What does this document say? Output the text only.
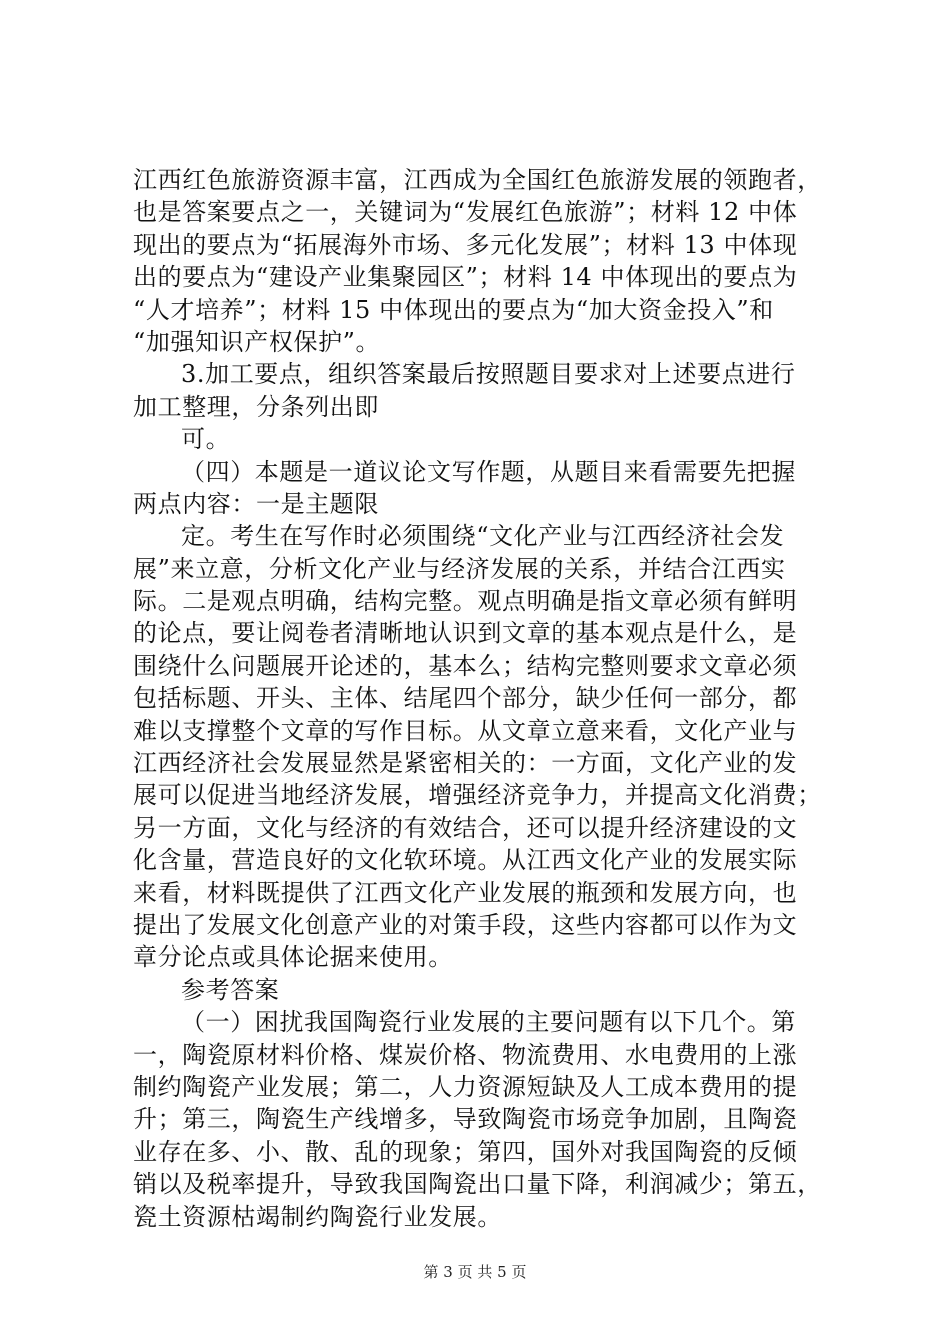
江西红色旅游资源丰富，江西成为全国红色旅游发展的领跑者，
也是答案要点之一，关键词为“发展红色旅游”；材料 12 中体
现出的要点为“拓展海外市场、多元化发展”；材料 13 中体现
出的要点为“建设产业集聚园区”；材料 14 中体现出的要点为
“人才培养”；材料 15 中体现出的要点为“加大资金投入”和
“加强知识产权保护”。
3.加工要点，组织答案最后按照题目要求对上述要点进行
加工整理，分条列出即
可。
（四）本题是一道议论文写作题，从题目来看需要先把握
两点内容：一是主题限
定。考生在写作时必须围绕“文化产业与江西经济社会发
展”来立意，分析文化产业与经济发展的关系，并结合江西实
际。二是观点明确，结构完整。观点明确是指文章必须有鲜明
的论点，要让阅卷者清晰地认识到文章的基本观点是什么，是
围绕什么问题展开论述的，基本么；结构完整则要求文章必须
包括标题、开头、主体、结尾四个部分，缺少任何一部分，都
难以支撑整个文章的写作目标。从文章立意来看，文化产业与
江西经济社会发展显然是紧密相关的：一方面，文化产业的发
展可以促进当地经济发展，增强经济竞争力，并提高文化消费；
另一方面，文化与经济的有效结合，还可以提升经济建设的文
化含量，营造良好的文化软环境。从江西文化产业的发展实际
来看，材料既提供了江西文化产业发展的瓶颈和发展方向，也
提出了发展文化创意产业的对策手段，这些内容都可以作为文
章分论点或具体论据来使用。
参考答案
（一）困扰我国陶瓷行业发展的主要问题有以下几个。第
一，陶瓷原材料价格、煤炭价格、物流费用、水电费用的上涨
制约陶瓷产业发展；第二，人力资源短缺及人工成本费用的提
升；第三，陶瓷生产线增多，导致陶瓷市场竞争加剧，且陶瓷
业存在多、小、散、乱的现象；第四，国外对我国陶瓷的反倾
销以及税率提升，导致我国陶瓷出口量下降，利润减少；第五，
瓷土资源枯竭制约陶瓷行业发展。
第 3 页 共 5 页
